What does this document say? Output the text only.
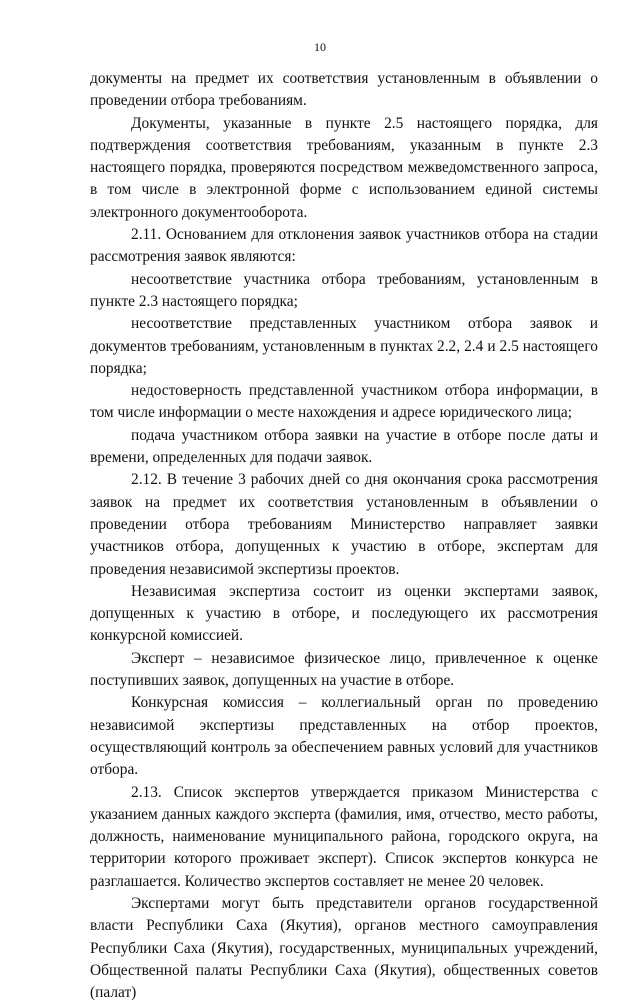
10

документы на предмет их соответствия установленным в объявлении о проведении отбора требованиям.

Документы, указанные в пункте 2.5 настоящего порядка, для подтверждения соответствия требованиям, указанным в пункте 2.3 настоящего порядка, проверяются посредством межведомственного запроса, в том числе в электронной форме с использованием единой системы электронного документооборота.

2.11. Основанием для отклонения заявок участников отбора на стадии рассмотрения заявок являются:

несоответствие участника отбора требованиям, установленным в пункте 2.3 настоящего порядка;

несоответствие представленных участником отбора заявок и документов требованиям, установленным в пунктах 2.2, 2.4 и 2.5 настоящего порядка;

недостоверность представленной участником отбора информации, в том числе информации о месте нахождения и адресе юридического лица;

подача участником отбора заявки на участие в отборе после даты и времени, определенных для подачи заявок.

2.12. В течение 3 рабочих дней со дня окончания срока рассмотрения заявок на предмет их соответствия установленным в объявлении о проведении отбора требованиям Министерство направляет заявки участников отбора, допущенных к участию в отборе, экспертам для проведения независимой экспертизы проектов.

Независимая экспертиза состоит из оценки экспертами заявок, допущенных к участию в отборе, и последующего их рассмотрения конкурсной комиссией.

Эксперт – независимое физическое лицо, привлеченное к оценке поступивших заявок, допущенных на участие в отборе.

Конкурсная комиссия – коллегиальный орган по проведению независимой экспертизы представленных на отбор проектов, осуществляющий контроль за обеспечением равных условий для участников отбора.

2.13. Список экспертов утверждается приказом Министерства с указанием данных каждого эксперта (фамилия, имя, отчество, место работы, должность, наименование муниципального района, городского округа, на территории которого проживает эксперт). Список экспертов конкурса не разглашается. Количество экспертов составляет не менее 20 человек.

Экспертами могут быть представители органов государственной власти Республики Саха (Якутия), органов местного самоуправления Республики Саха (Якутия), государственных, муниципальных учреждений, Общественной палаты Республики Саха (Якутия), общественных советов (палат)
